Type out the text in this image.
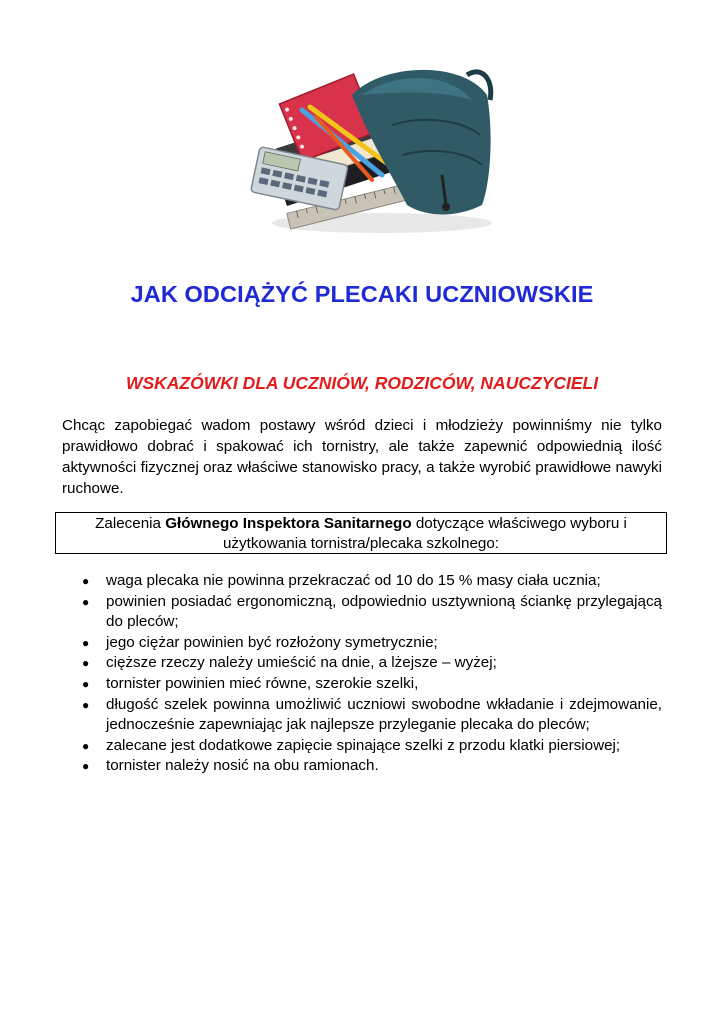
JAK ODCIĄŻYĆ PLECAKI UCZNIOWSKIE
WSKAZÓWKI DLA UCZNIÓW, RODZICÓW, NAUCZYCIELI

Chcąc zapobiegać wadom postawy wśród dzieci i młodzieży powinniśmy nie tylko prawidłowo dobrać i spakować ich tornistry, ale także zapewnić odpowiednią ilość aktywności fizycznej oraz właściwe stanowisko pracy, a także wyrobić prawidłowe nawyki ruchowe.

Zalecenia Głównego Inspektora Sanitarnego dotyczące właściwego wyboru i użytkowania tornistra/plecaka szkolnego:
● waga plecaka nie powinna przekraczać od 10 do 15 % masy ciała ucznia;
● powinien posiadać ergonomiczną, odpowiednio usztywnioną ściankę przylegającą do pleców;
● jego ciężar powinien być rozłożony symetrycznie;
● cięższe rzeczy należy umieścić na dnie, a lżejsze – wyżej;
● tornister powinien mieć równe, szerokie szelki,
● długość szelek powinna umożliwić uczniowi swobodne wkładanie i zdejmowanie, jednocześnie zapewniając jak najlepsze przyleganie plecaka do pleców;
● zalecane jest dodatkowe zapięcie spinające szelki z przodu klatki piersiowej;
● tornister należy nosić na obu ramionach.
